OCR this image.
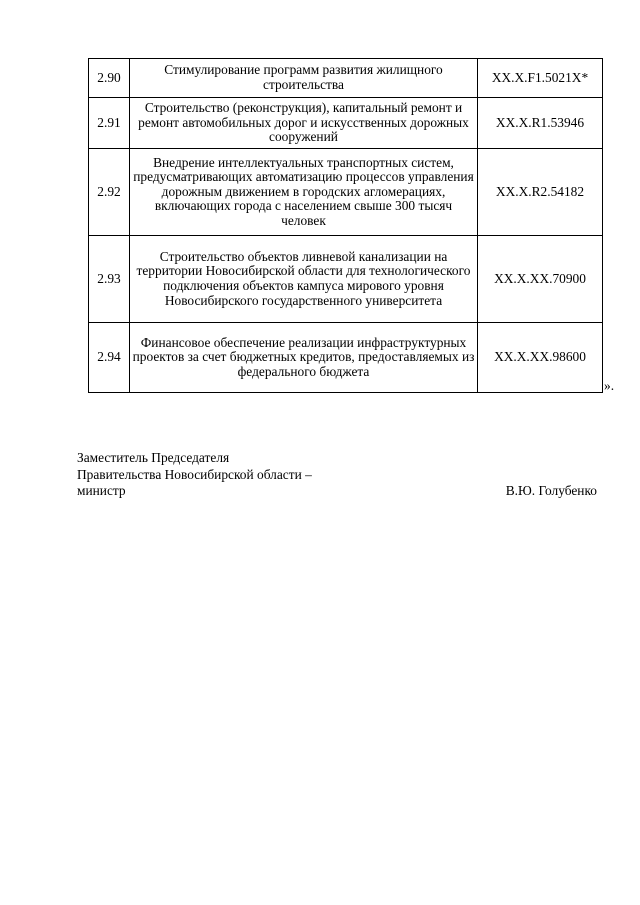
2.90	Стимулирование программ развития жилищного строительства	XX.X.F1.5021X*
2.91	Строительство (реконструкция), капитальный ремонт и ремонт автомобильных дорог и искусственных дорожных сооружений	XX.X.R1.53946
2.92	Внедрение интеллектуальных транспортных систем, предусматривающих автоматизацию процессов управления дорожным движением в городских агломерациях, включающих города с населением свыше 300 тысяч человек	XX.X.R2.54182
2.93	Строительство объектов ливневой канализации на территории Новосибирской области для технологического подключения объектов кампуса мирового уровня Новосибирского государственного университета	XX.X.XX.70900
2.94	Финансовое обеспечение реализации инфраструктурных проектов за счет бюджетных кредитов, предоставляемых из федерального бюджета	XX.X.XX.98600
».
Заместитель Председателя
Правительства Новосибирской области –
министр	В.Ю. Голубенко
